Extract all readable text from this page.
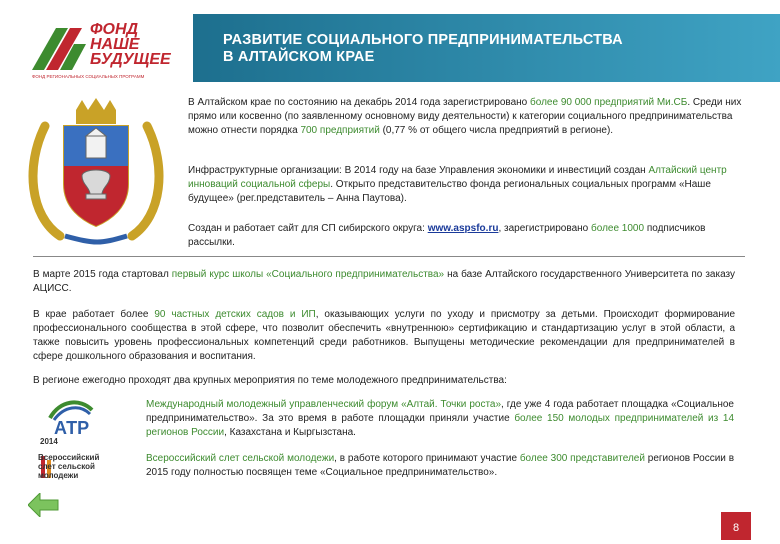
ФОНД
НАШЕ
БУДУЩЕЕ
ФОНД РЕГИОНАЛЬНЫХ СОЦИАЛЬНЫХ ПРОГРАММ
РАЗВИТИЕ СОЦИАЛЬНОГО ПРЕДПРИНИМАТЕЛЬСТВА
В АЛТАЙСКОМ КРАЕ
В Алтайском крае по состоянию на декабрь 2014 года зарегистрировано более 90 000 предприятий Ми.СБ. Среди них прямо или косвенно (по заявленному основному виду деятельности) к категории социального предпринимательства можно отнести порядка 700 предприятий (0,77 % от общего числа предприятий в регионе).
Инфраструктурные организации: В 2014 году на базе Управления экономики и инвестиций создан Алтайский центр инноваций социальной сферы. Открыто представительство фонда региональных социальных программ «Наше будущее» (рег.представитель – Анна Паутова).
Создан и работает сайт для СП сибирского округа: www.aspsfo.ru, зарегистрировано более 1000 подписчиков рассылки.
В марте 2015 года стартовал первый курс школы «Социального предпринимательства» на базе Алтайского государственного Университета по заказу АЦИСС.
В крае работает более 90 частных детских садов и ИП, оказывающих услуги по уходу и присмотру за детьми. Происходит формирование профессионального сообщества в этой сфере, что позволит обеспечить «внутреннюю» сертификацию и стандартизацию услуг в этой области, а также повысить уровень профессиональных компетенций среди работников. Выпущены методические рекомендации для предпринимателей в сфере дошкольного образования и воспитания.
В регионе ежегодно проходят два крупных мероприятия по теме молодежного предпринимательства:
АТР
2014
Всероссийский
слет сельской
молодежи
Международный молодежный управленческий форум «Алтай. Точки роста», где уже 4 года работает площадка «Социальное предпринимательство». За это время в работе площадки приняли участие более 150 молодых предпринимателей из 14 регионов России, Казахстана и Кыргызстана.
Всероссийский слет сельской молодежи, в работе которого принимают участие более 300 представителей регионов России в 2015 году полностью посвящен теме «Социальное предпринимательство».
8
